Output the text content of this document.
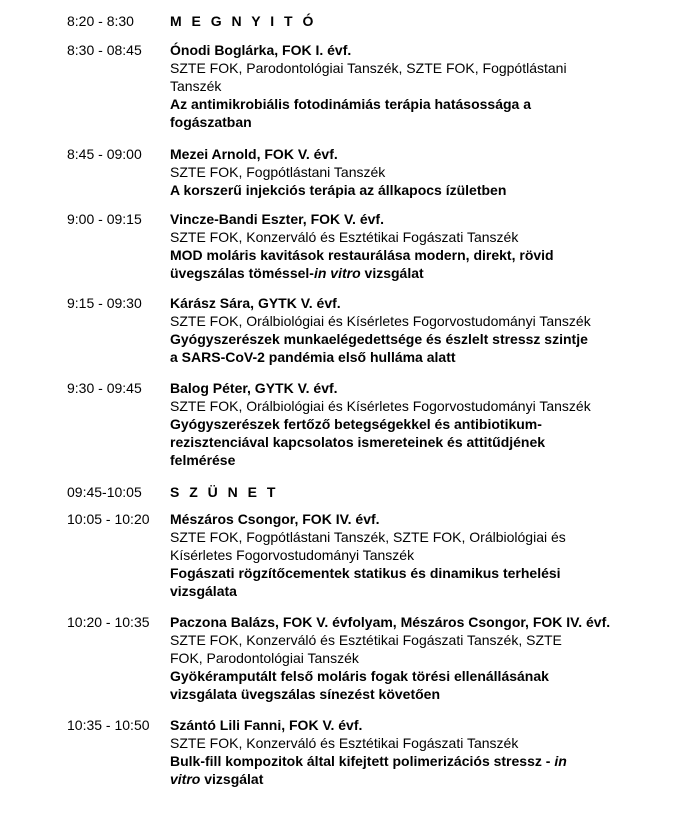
8:20 - 8:30	M E G N Y I T Ó
8:30 - 08:45 Ónodi Boglárka, FOK I. évf.
SZTE FOK, Parodontológiai Tanszék, SZTE FOK, Fogpótlástani
Tanszék
Az antimikrobiális fotodinámiás terápia hatásossága a
fogászatban
8:45 - 09:00 Mezei Arnold, FOK V. évf.
SZTE FOK, Fogpótlástani Tanszék
A korszerű injekciós terápia az állkapocs ízületben
9:00 - 09:15 Vincze-Bandi Eszter, FOK V. évf.
SZTE FOK, Konzerváló és Esztétikai Fogászati Tanszék
MOD moláris kavitások restaurálása modern, direkt, rövid
üvegszálas töméssel-in vitro vizsgálat
9:15 - 09:30 Kárász Sára, GYTK V. évf.
SZTE FOK, Orálbiológiai és Kísérletes Fogorvostudományi Tanszék
Gyógyszerészek munkaelégedettsége és észlelt stressz szintje
a SARS-CoV-2 pandémia első hulláma alatt
9:30 - 09:45 Balog Péter, GYTK V. évf.
SZTE FOK, Orálbiológiai és Kísérletes Fogorvostudományi Tanszék
Gyógyszerészek fertőző betegségekkel és antibiotikum-
rezisztenciával kapcsolatos ismereteinek és attitűdjének
felmérése
09:45-10:05 S Z Ü N E T
10:05 - 10:20 Mészáros Csongor, FOK IV. évf.
SZTE FOK, Fogpótlástani Tanszék, SZTE FOK, Orálbiológiai és
Kísérletes Fogorvostudományi Tanszék
Fogászati rögzítőcementek statikus és dinamikus terhelési
vizsgálata
10:20 - 10:35 Paczona Balázs, FOK V. évfolyam, Mészáros Csongor, FOK IV. évf.
SZTE FOK, Konzerváló és Esztétikai Fogászati Tanszék, SZTE
FOK, Parodontológiai Tanszék
Gyökéramputált felső moláris fogak törési ellenállásának
vizsgálata üvegszálas sínezést követően
10:35 - 10:50 Szántó Lili Fanni, FOK V. évf.
SZTE FOK, Konzerváló és Esztétikai Fogászati Tanszék
Bulk-fill kompozitok által kifejtett polimerizációs stressz - in
vitro vizsgálat
